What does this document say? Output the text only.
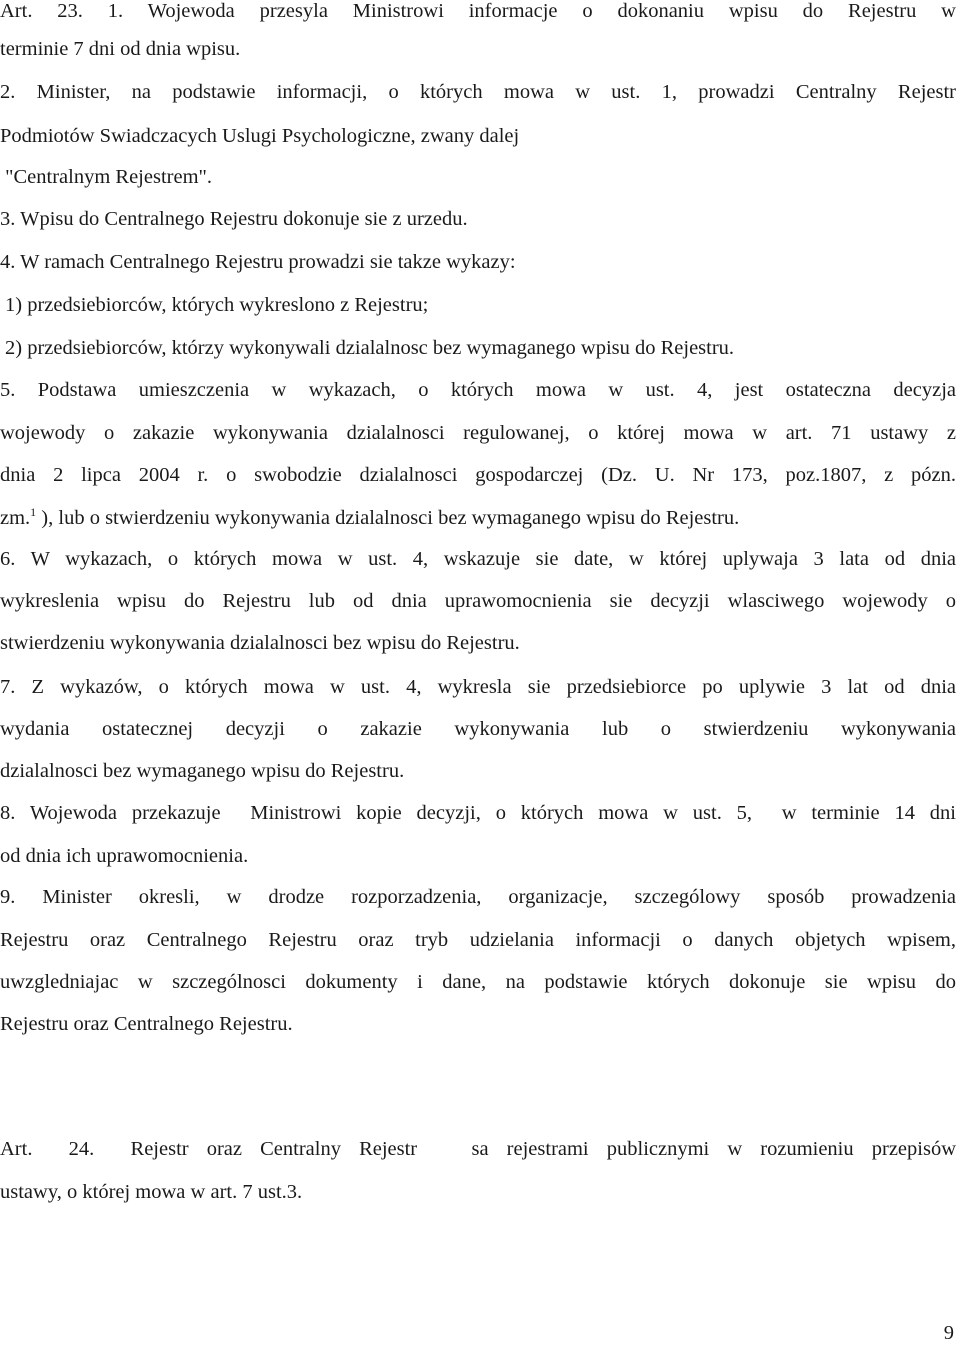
Art. 23. 1. Wojewoda przesyla Ministrowi informacje o dokonaniu wpisu do Rejestru w
terminie 7 dni od dnia wpisu.
2. Minister, na podstawie informacji, o których mowa w ust. 1, prowadzi Centralny Rejestr
Podmiotów Swiadczacych Uslugi Psychologiczne, zwany dalej
"Centralnym Rejestrem".
3. Wpisu do Centralnego Rejestru dokonuje sie z urzedu.
4. W ramach Centralnego Rejestru prowadzi sie takze wykazy:
1) przedsiebiorców, których wykreslono z Rejestru;
2) przedsiebiorców, którzy wykonywali dzialalnosc bez wymaganego wpisu do Rejestru.
5. Podstawa umieszczenia w wykazach, o których mowa w ust. 4, jest ostateczna decyzja
wojewody o zakazie wykonywania dzialalnosci regulowanej, o której mowa w art. 71 ustawy z
dnia 2 lipca 2004 r. o swobodzie dzialalnosci gospodarczej (Dz. U. Nr 173, poz.1807, z pózn.
zm.$^1$ ), lub o stwierdzeniu wykonywania dzialalnosci bez wymaganego wpisu do Rejestru.
6. W wykazach, o których mowa w ust. 4, wskazuje sie date, w której uplywaja 3 lata od dnia
wykreslenia wpisu do Rejestru lub od dnia uprawomocnienia sie decyzji wlasciwego wojewody o
stwierdzeniu wykonywania dzialalnosci bez wpisu do Rejestru.
7. Z wykazów, o których mowa w ust. 4, wykresla sie przedsiebiorce po uplywie 3 lat od dnia
wydania ostatecznej decyzji o zakazie wykonywania lub o stwierdzeniu wykonywania
dzialalnosci bez wymaganego wpisu do Rejestru.
8. Wojewoda przekazuje  Ministrowi kopie decyzji, o których mowa w ust. 5,  w terminie 14 dni
od dnia ich uprawomocnienia.
9. Minister okresli, w drodze rozporzadzenia, organizacje, szczególowy sposób prowadzenia
Rejestru oraz Centralnego Rejestru oraz tryb udzielania informacji o danych objetych wpisem,
uwzgledniajac w szczególnosci dokumenty i dane, na podstawie których dokonuje sie wpisu do
Rejestru oraz Centralnego Rejestru.
Art.  24.  Rejestr oraz Centralny Rejestr   sa rejestrami publicznymi w rozumieniu przepisów
ustawy, o której mowa w art. 7 ust.3.
9
